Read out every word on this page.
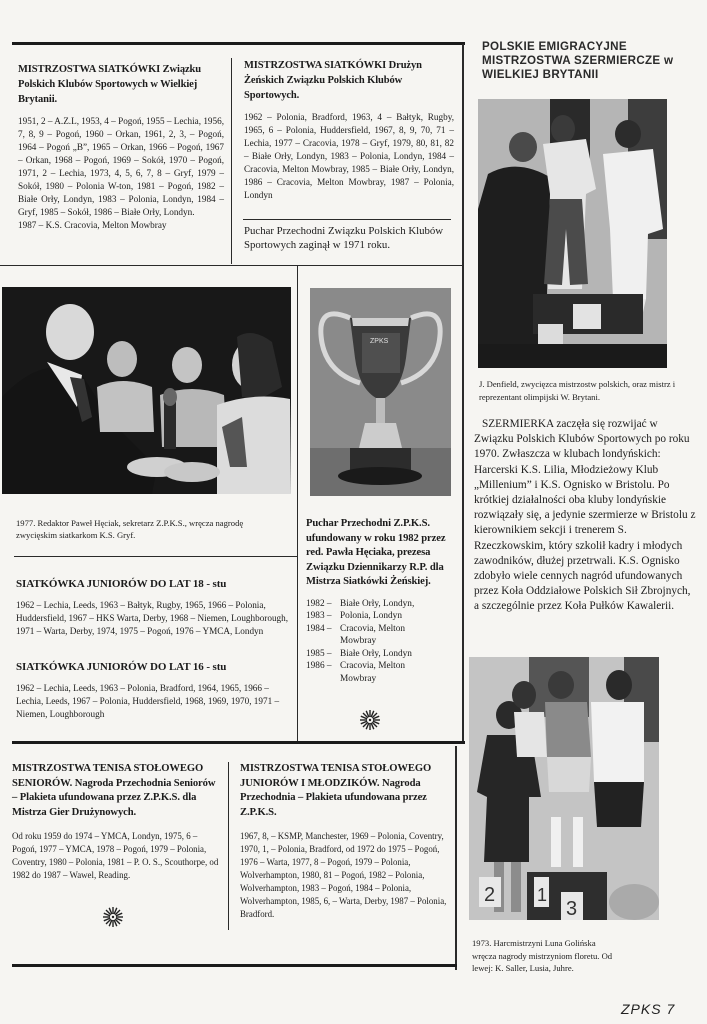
MISTRZOSTWA SIATKÓWKI Związku Polskich Klubów Sportowych w Wielkiej Brytanii.
1951, 2 – A.Z.L, 1953, 4 – Pogoń, 1955 – Lechia, 1956, 7, 8, 9 – Pogoń, 1960 – Orkan, 1961, 2, 3, – Pogoń, 1964 – Pogoń „B”, 1965 – Orkan, 1966 – Pogoń, 1967 – Orkan, 1968 – Pogoń, 1969 – Sokół, 1970 – Pogoń, 1971, 2 – Lechia, 1973, 4, 5, 6, 7, 8 – Gryf, 1979 – Sokół, 1980 – Polonia W-ton, 1981 – Pogoń, 1982 – Białe Orły, Londyn, 1983 – Polonia, Londyn, 1984 – Gryf, 1985 – Sokół, 1986 – Białe Orły, Londyn.
1987 – K.S. Cracovia, Melton Mowbray
MISTRZOSTWA SIATKÓWKI Drużyn Żeńskich Związku Polskich Klubów Sportowych.
1962 – Polonia, Bradford, 1963, 4 – Bałtyk, Rugby, 1965, 6 – Polonia, Huddersfield, 1967, 8, 9, 70, 71 – Lechia, 1977 – Cracovia, 1978 – Gryf, 1979, 80, 81, 82 – Białe Orły, Londyn, 1983 – Polonia, Londyn, 1984 – Cracovia, Melton Mowbray, 1985 – Białe Orły, Londyn, 1986 – Cracovia, Melton Mowbray, 1987 – Polonia, Londyn
Puchar Przechodni Związku Polskich Klubów Sportowych zaginął w 1971 roku.
POLSKIE EMIGRACYJNE MISTRZOSTWA SZERMIERCZE w WIELKIEJ BRYTANII
J. Denfield, zwycięzca mistrzostw polskich, oraz mistrz i reprezentant olimpijski W. Brytani.
SZERMIERKA zaczęła się rozwijać w Związku Polskich Klubów Sportowych po roku 1970. Zwłaszcza w klubach londyńskich: Harcerski K.S. Lilia, Młodzieżowy Klub „Millenium” i K.S. Ognisko w Bristolu. Po krótkiej działalności oba kluby londyńskie rozwiązały się, a jedynie szermierze w Bristolu z kierownikiem sekcji i trenerem S. Rzeczkowskim, który szkolił kadry i młodych zawodników, dłużej przetrwali. K.S. Ognisko zdobyło wiele cennych nagród ufundowanych przez Koła Oddziałowe Polskich Sił Zbrojnych, a szczególnie przez Koła Pułków Kawalerii.
2 1
3
1973. Harcmistrzyni Luna Golińska wręcza nagrody mistrzyniom floretu. Od lewej: K. Saller, Lusia, Juhre.
1977. Redaktor Paweł Hęciak, sekretarz Z.P.K.S., wręcza nagrodę zwycięskim siatkarkom K.S. Gryf.
ZPKS
Puchar Przechodni Z.P.K.S. ufundowany w roku 1982 przez red. Pawła Hęciaka, prezesa Związku Dziennikarzy R.P. dla Mistrza Siatkówki Żeńskiej.
1982 – Białe Orły, Londyn,
1983 – Polonia, Londyn
1984 – Cracovia, Melton Mowbray
1985 – Białe Orły, Londyn
1986 – Cracovia, Melton Mowbray
SIATKÓWKA JUNIORÓW DO LAT 18 - stu
1962 – Lechia, Leeds, 1963 – Bałtyk, Rugby, 1965, 1966 – Polonia, Huddersfield, 1967 – HKS Warta, Derby, 1968 – Niemen, Loughborough, 1971 – Warta, Derby, 1974, 1975 – Pogoń, 1976 – YMCA, Londyn
SIATKÓWKA JUNIORÓW DO LAT 16 - stu
1962 – Lechia, Leeds, 1963 – Polonia, Bradford, 1964, 1965, 1966 – Lechia, Leeds, 1967 – Polonia, Huddersfield, 1968, 1969, 1970, 1971 – Niemen, Loughborough
MISTRZOSTWA TENISA STOŁOWEGO SENIORÓW. Nagroda Przechodnia Seniorów – Plakieta ufundowana przez Z.P.K.S. dla Mistrza Gier Drużynowych.
Od roku 1959 do 1974 – YMCA, Londyn, 1975, 6 – Pogoń, 1977 – YMCA, 1978 – Pogoń, 1979 – Polonia, Coventry, 1980 – Polonia, 1981 – P. O. S., Scouthorpe, od 1982 do 1987 – Wawel, Reading.
MISTRZOSTWA TENISA STOŁOWEGO JUNIORÓW I MŁODZIKÓW. Nagroda Przechodnia – Plakieta ufundowana przez Z.P.K.S.
1967, 8, – KSMP, Manchester, 1969 – Polonia, Coventry, 1970, 1, – Polonia, Bradford, od 1972 do 1975 – Pogoń, 1976 – Warta, 1977, 8 – Pogoń, 1979 – Polonia, Wolverhampton, 1980, 81 – Pogoń, 1982 – Polonia, Wolverhampton, 1983 – Pogoń, 1984 – Polonia, Wolverhampton, 1985, 6, – Warta, Derby, 1987 – Polonia, Bradford.
ZPKS 7
